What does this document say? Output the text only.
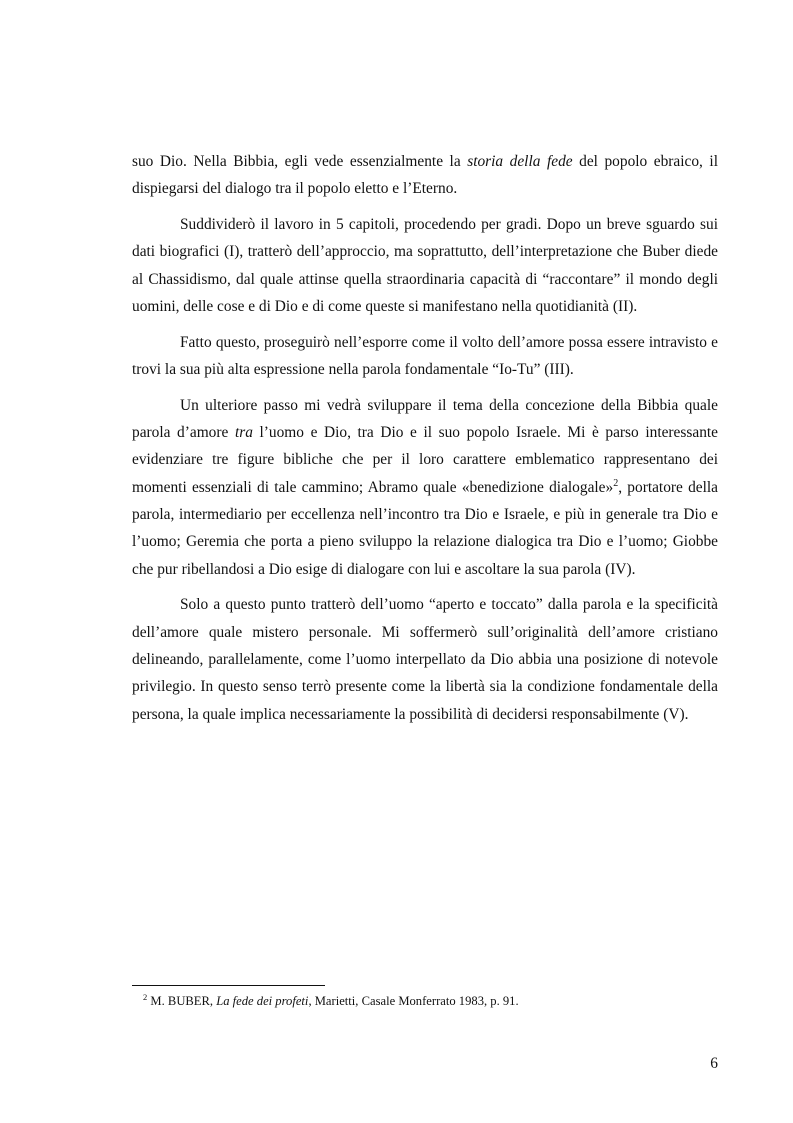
suo Dio. Nella Bibbia, egli vede essenzialmente la storia della fede del popolo ebraico, il dispiegarsi del dialogo tra il popolo eletto e l’Eterno.

Suddividerò il lavoro in 5 capitoli, procedendo per gradi. Dopo un breve sguardo sui dati biografici (I), tratterò dell’approccio, ma soprattutto, dell’interpretazione che Buber diede al Chassidismo, dal quale attinse quella straordinaria capacità di “raccontare” il mondo degli uomini, delle cose e di Dio e di come queste si manifestano nella quotidianità (II).

Fatto questo, proseguirò nell’esporre come il volto dell’amore possa essere intravisto e trovi la sua più alta espressione nella parola fondamentale “Io-Tu” (III).

Un ulteriore passo mi vedrà sviluppare il tema della concezione della Bibbia quale parola d’amore tra l’uomo e Dio, tra Dio e il suo popolo Israele. Mi è parso interessante evidenziare tre figure bibliche che per il loro carattere emblematico rappresentano dei momenti essenziali di tale cammino; Abramo quale «benedizione dialogale»$^2$, portatore della parola, intermediario per eccellenza nell’incontro tra Dio e Israele, e più in generale tra Dio e l’uomo; Geremia che porta a pieno sviluppo la relazione dialogica tra Dio e l’uomo; Giobbe che pur ribellandosi a Dio esige di dialogare con lui e ascoltare la sua parola (IV).

Solo a questo punto tratterò dell’uomo “aperto e toccato” dalla parola e la specificità dell’amore quale mistero personale. Mi soffermerò sull’originalità dell’amore cristiano delineando, parallelamente, come l’uomo interpellato da Dio abbia una posizione di notevole privilegio. In questo senso terrò presente come la libertà sia la condizione fondamentale della persona, la quale implica necessariamente la possibilità di decidersi responsabilmente (V).

$^2$ M. BUBER, La fede dei profeti, Marietti, Casale Monferrato 1983, p. 91.
6
